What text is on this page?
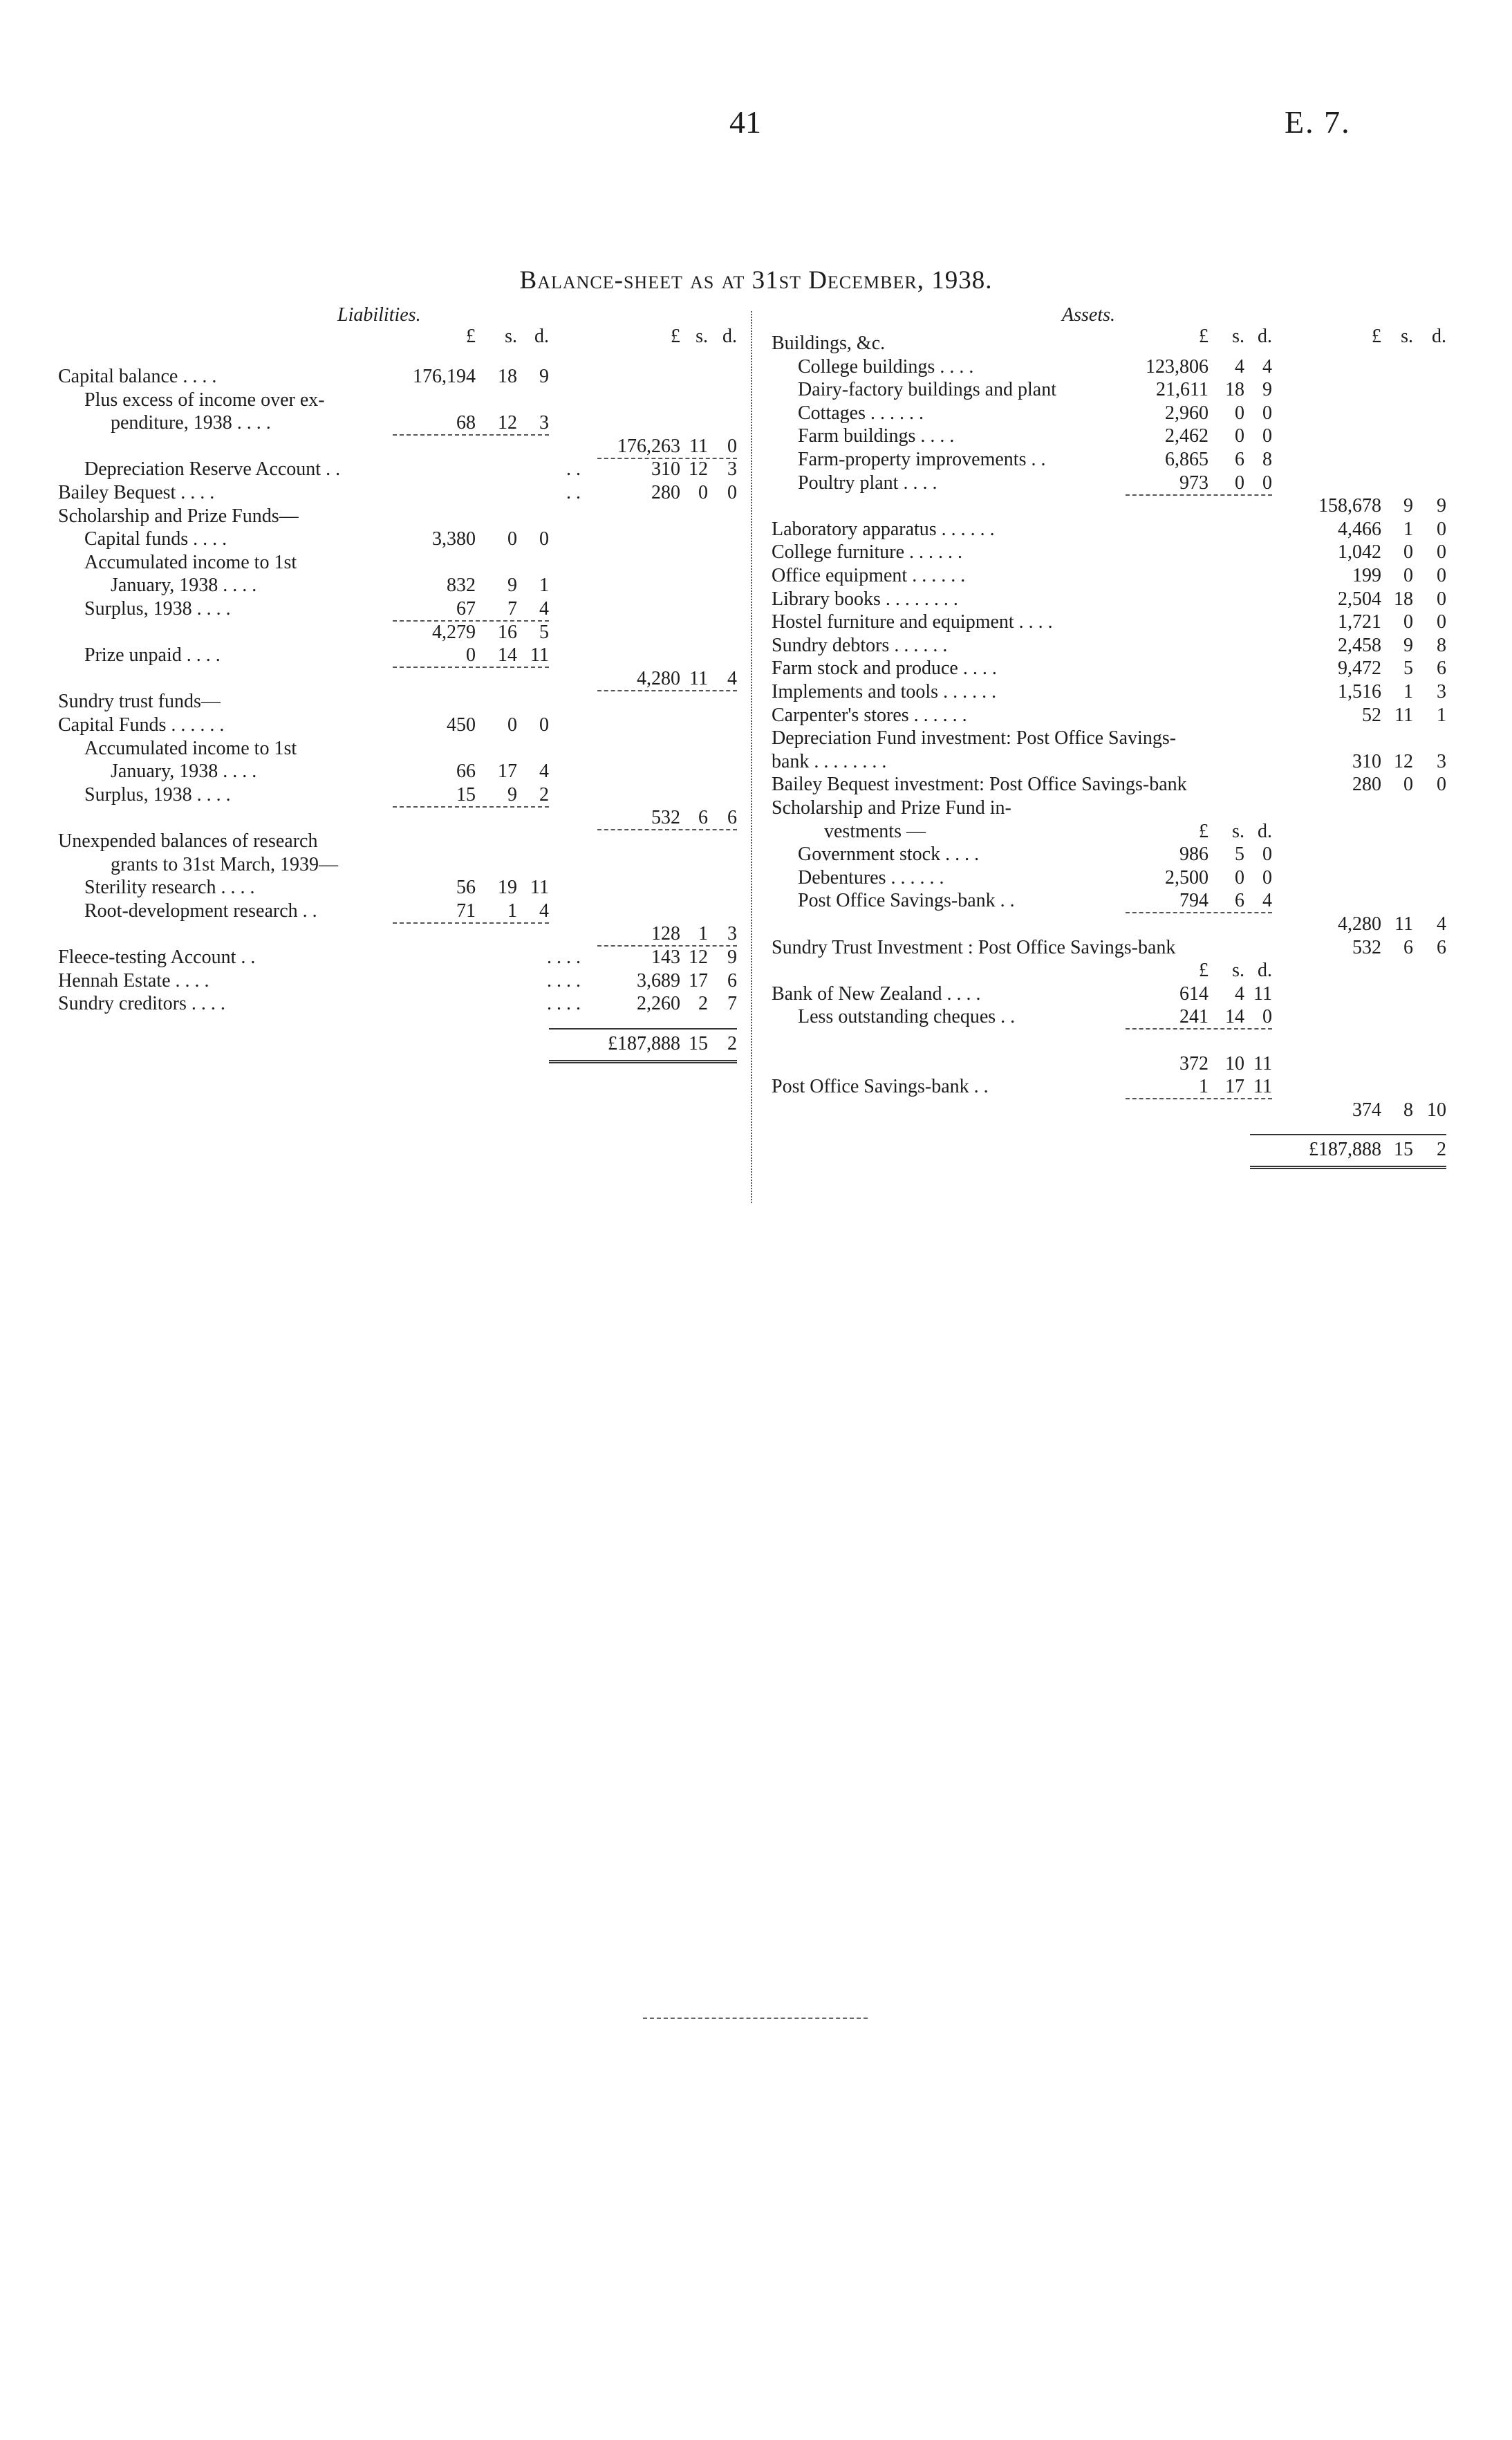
41	E. 7.
Balance-sheet as at 31st December, 1938.
Liabilities.	Assets.
£ s. d.	£ s. d.
Capital balance . . . .	176,194 18 9
Plus excess of income over ex-
penditure, 1938 . . . .	68 12 3
176,263 11 0
Depreciation Reserve Account . .	. .	310 12 3
Bailey Bequest . . . .	. .	280 0 0
Scholarship and Prize Funds—
Capital funds . . . .	3,380 0 0
Accumulated income to 1st
January, 1938 . . . .	832 9 1
Surplus, 1938 . . . .	67 7 4
4,279 16 5
Prize unpaid . . . .	0 14 11
4,280 11 4
Sundry trust funds—
Capital Funds . . . . . .	450 0 0
Accumulated income to 1st
January, 1938 . . . .	66 17 4
Surplus, 1938 . . . .	15 9 2
532 6 6
Unexpended balances of research
grants to 31st March, 1939—
Sterility research . . . .	56 19 11
Root-development research . .	71 1 4
128 1 3
Fleece-testing Account . .	. . . .	143 12 9
Hennah Estate . . . .	. . . .	3,689 17 6
Sundry creditors . . . .	. . . .	2,260 2 7
£187,888 15 2
£ s. d.	£ s. d.
Buildings, &c.
College buildings . . . .	123,806 4 4
Dairy-factory buildings and plant	21,611 18 9
Cottages . . . . . .	2,960 0 0
Farm buildings . . . .	2,462 0 0
Farm-property improvements . .	6,865 6 8
Poultry plant . . . .	973 0 0
158,678 9 9
Laboratory apparatus . . . . . .	4,466 1 0
College furniture . . . . . .	1,042 0 0
Office equipment . . . . . .	199 0 0
Library books . . . . . . . .	2,504 18 0
Hostel furniture and equipment . . . .	1,721 0 0
Sundry debtors . . . . . .	2,458 9 8
Farm stock and produce . . . .	9,472 5 6
Implements and tools . . . . . .	1,516 1 3
Carpenter's stores . . . . . .	52 11 1
Depreciation Fund investment: Post Office Savings-
bank . . . . . . . .	310 12 3
Bailey Bequest investment: Post Office Savings-bank	280 0 0
Scholarship and Prize Fund in-
vestments —	£ s. d.
Government stock . . . .	986 5 0
Debentures . . . . . .	2,500 0 0
Post Office Savings-bank . .	794 6 4
4,280 11 4
Sundry Trust Investment : Post Office Savings-bank	532 6 6
£ s. d.
Bank of New Zealand . . . .	614 4 11
Less outstanding cheques . .	241 14 0
372 10 11
Post Office Savings-bank . .	1 17 11
374 8 10
£187,888 15 2
